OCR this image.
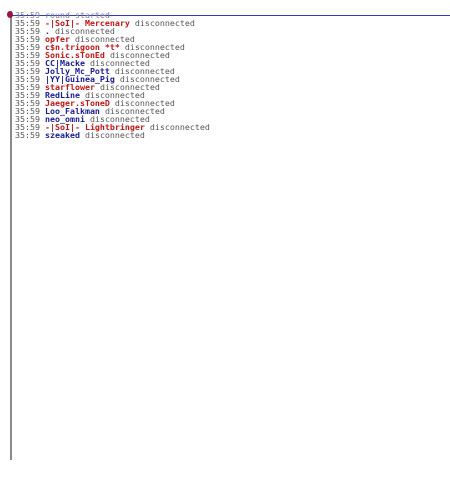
35:59 round started
35:59 -|SoI|- Mercenary disconnected
35:59 . disconnected
35:59 opfer disconnected
35:59 c$n.trigoon *t* disconnected
35:59 Sonic.sTonEd disconnected
35:59 CC|Macke disconnected
35:59 Jolly_Mc_Pott disconnected
35:59 |YY|Guinea_Pig disconnected
35:59 starflower disconnected
35:59 RedLine disconnected
35:59 Jaeger.sToneD disconnected
35:59 Loo_Falkman disconnected
35:59 neo_omni disconnected
35:59 -|SoI|- Lightbringer disconnected
35:59 szeaked disconnected
